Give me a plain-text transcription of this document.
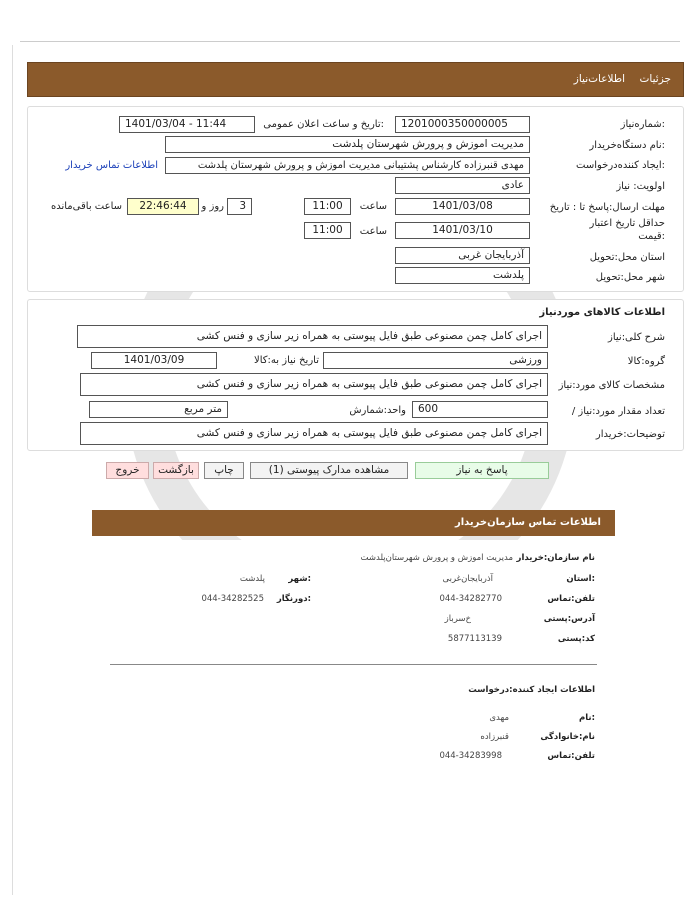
جزئیات
اطلاعات‌نیاز
شماره‌نیاز:
1201000350000005
تاریخ و ساعت اعلان عمومی:
1401/03/04 - 11:44
نام دستگاه‌خریدار:
مدیریت اموزش و پرورش شهرستان پلدشت
ایجاد کننده‌درخواست:
مهدی قنبرزاده کارشناس پشتیبانی مدیریت اموزش و پرورش شهرستان پلدشت
اطلاعات تماس خریدار
اولویت: نیاز
عادی
مهلت ارسال:پاسخ تا : تاریخ
1401/03/08
ساعت
11:00
3
روز و
22:46:44
ساعت باقی‌مانده
حداقل تاریخ اعتبار
قیمت:
1401/03/10
ساعت
11:00
استان محل:تحویل
آذربایجان غربی
شهر محل:تحویل
پلدشت
اطلاعات کالاهای موردنیاز
شرح کلی:نیاز
اجرای کامل چمن مصنوعی طبق فایل پیوستی به همراه زیر سازی و فنس کشی
گروه:کالا
ورزشی
تاریخ نیاز به:کالا
1401/03/09
مشخصات کالای مورد:نیاز
اجرای کامل چمن مصنوعی طبق فایل پیوستی به همراه زیر سازی و فنس کشی
/ تعداد مقدار مورد:نیاز
600
واحد:شمارش
متر مربع
توضیحات:خریدار
اجرای کامل چمن مصنوعی طبق فایل پیوستی به همراه زیر سازی و فنس کشی
پاسخ به نیاز
مشاهده مدارک پیوستی (1)
چاپ
بازگشت
خروج
اطلاعات تماس سازمان‌خریدار
نام سازمان:خریدار
مدیریت اموزش و پرورش شهرستان‌پلدشت
استان:
آذربایجان‌غربی
شهر:
پلدشت
تلفن:تماس
044-34282770
دورنگار:
044-34282525
آدرس:پستی
خ‌سرباز
کد:پستی
5877113139
اطلاعات ایجاد کننده:درخواست
نام:
مهدی
نام:خانوادگی
قنبرزاده
تلفن:تماس
044-34283998
